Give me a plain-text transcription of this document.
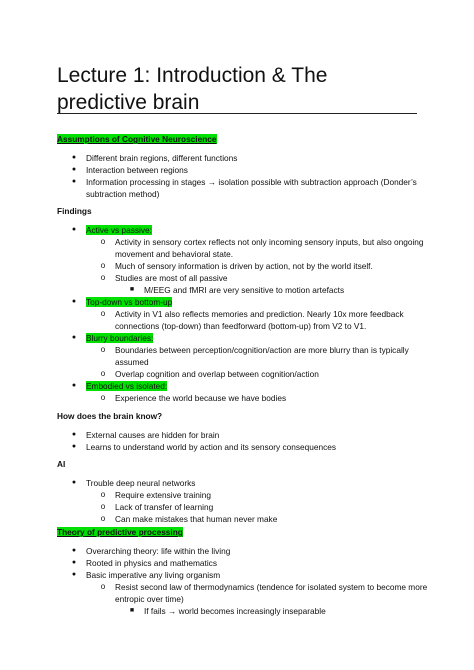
Lecture 1: Introduction & The
predictive brain
Assumptions of Cognitive Neuroscience
●	Different brain regions, different functions
●	Interaction between regions
●	Information processing in stages → isolation possible with subtraction approach (Donder’s
subtraction method)
Findings
●	Active vs passive:
o	Activity in sensory cortex reflects not only incoming sensory inputs, but also ongoing
movement and behavioral state.
o	Much of sensory information is driven by action, not by the world itself.
o	Studies are most of all passive
■	M/EEG and fMRI are very sensitive to motion artefacts
●	Top-down vs bottom-up
o	Activity in V1 also reflects memories and prediction. Nearly 10x more feedback
connections (top-down) than feedforward (bottom-up) from V2 to V1.
●	Blurry boundaries:
o	Boundaries between perception/cognition/action are more blurry than is typically
assumed
o	Overlap cognition and overlap between cognition/action
●	Embodied vs isolated:
o	Experience the world because we have bodies
How does the brain know?
●	External causes are hidden for brain
●	Learns to understand world by action and its sensory consequences
AI
●	Trouble deep neural networks
o	Require extensive training
o	Lack of transfer of learning
o	Can make mistakes that human never make
Theory of predictive processing
●	Overarching theory: life within the living
●	Rooted in physics and mathematics
●	Basic imperative any living organism
o	Resist second law of thermodynamics (tendence for isolated system to become more
entropic over time)
■	If fails → world becomes increasingly inseparable
